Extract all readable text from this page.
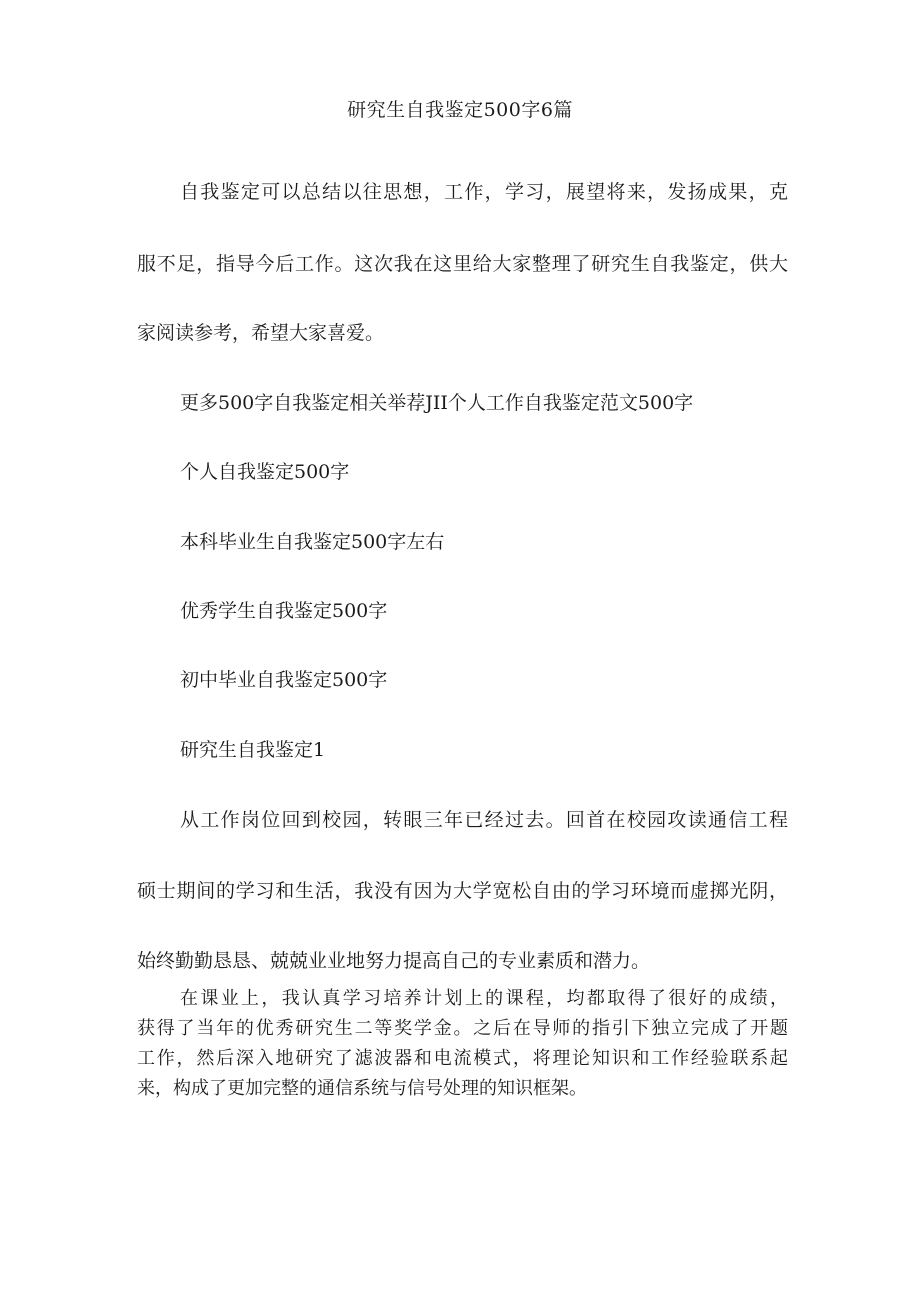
研究生自我鉴定500字6篇
自我鉴定可以总结以往思想，工作，学习，展望将来，发扬成果，克
服不足，指导今后工作。这次我在这里给大家整理了研究生自我鉴定，供大
家阅读参考，希望大家喜爱。
更多500字自我鉴定相关举荐JII个人工作自我鉴定范文500字
个人自我鉴定500字
本科毕业生自我鉴定500字左右
优秀学生自我鉴定500字
初中毕业自我鉴定500字
研究生自我鉴定1
从工作岗位回到校园，转眼三年已经过去。回首在校园攻读通信工程
硕士期间的学习和生活，我没有因为大学宽松自由的学习环境而虚掷光阴，
始终勤勤恳恳、兢兢业业地努力提高自己的专业素质和潜力。
在课业上，我认真学习培养计划上的课程，均都取得了很好的成绩，
获得了当年的优秀研究生二等奖学金。之后在导师的指引下独立完成了开题
工作，然后深入地研究了滤波器和电流模式，将理论知识和工作经验联系起
来，构成了更加完整的通信系统与信号处理的知识框架。
